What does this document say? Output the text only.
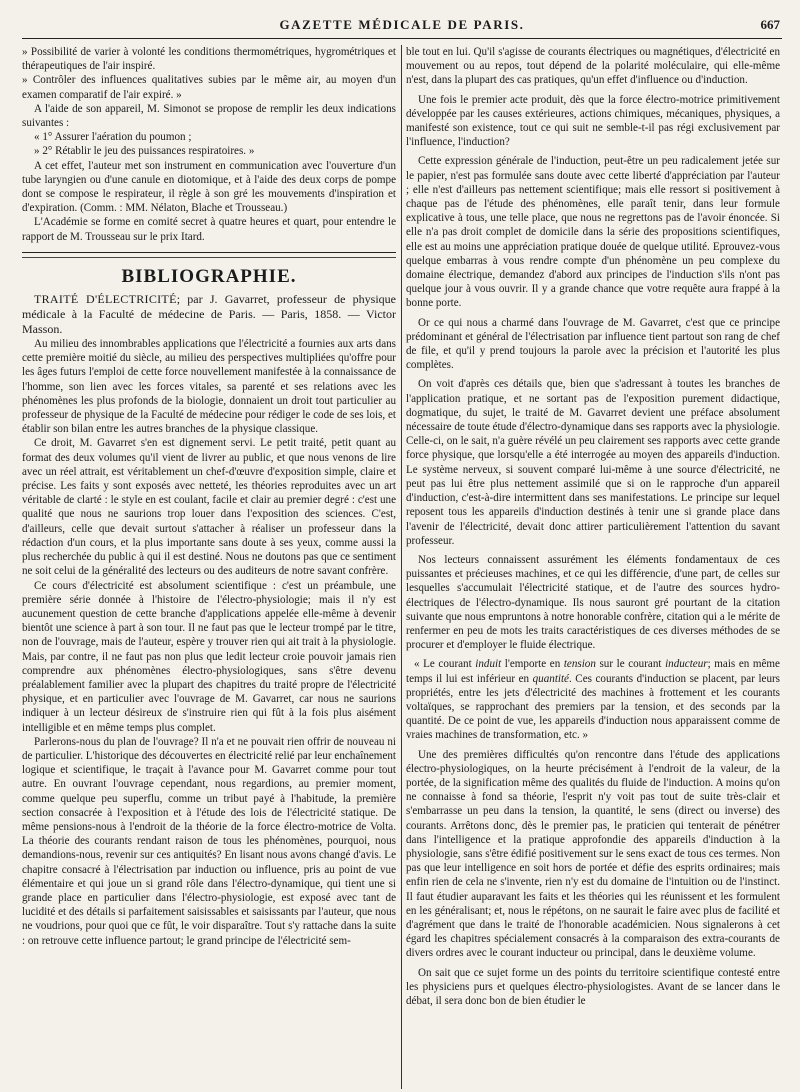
GAZETTE MÉDICALE DE PARIS.	667

» Possibilité de varier à volonté les conditions thermométriques, hygrométriques et thérapeutiques de l'air inspiré.

» Contrôler des influences qualitatives subies par le même air, au moyen d'un examen comparatif de l'air expiré. »

A l'aide de son appareil, M. Simonot se propose de remplir les deux indications suivantes :

« 1° Assurer l'aération du poumon ;

» 2° Rétablir le jeu des puissances respiratoires. »

A cet effet, l'auteur met son instrument en communication avec l'ouverture d'un tube laryngien ou d'une canule en diotomique, et à l'aide des deux corps de pompe dont se compose le respirateur, il règle à son gré les mouvements d'inspiration et d'expiration. (Comm. : MM. Nélaton, Blache et Trousseau.)

L'Académie se forme en comité secret à quatre heures et quart, pour entendre le rapport de M. Trousseau sur le prix Itard.

BIBLIOGRAPHIE.

TRAITÉ D'ÉLECTRICITÉ; par J. Gavarret, professeur de physique médicale à la Faculté de médecine de Paris. — Paris, 1858. — Victor Masson.

Au milieu des innombrables applications que l'électricité a fournies aux arts dans cette première moitié du siècle, au milieu des perspectives multipliées qu'offre pour les âges futurs l'emploi de cette force nouvellement manifestée à la connaissance de l'homme, son lien avec les forces vitales, sa parenté et ses relations avec les phénomènes les plus profonds de la biologie, donnaient un droit tout particulier au professeur de physique de la Faculté de médecine pour rédiger le code de ses lois, et établir son bilan entre les autres branches de la physique classique.

Ce droit, M. Gavarret s'en est dignement servi. Le petit traité, petit quant au format des deux volumes qu'il vient de livrer au public, et que nous venons de lire avec un réel attrait, est véritablement un chef-d'œuvre d'exposition simple, claire et précise. Les faits y sont exposés avec netteté, les théories reproduites avec un art véritable de clarté : le style en est coulant, facile et clair au premier degré : c'est une qualité que nous ne saurions trop louer dans l'exposition des sciences. C'est, d'ailleurs, celle que devait surtout s'attacher à réaliser un professeur dans la rédaction d'un cours, et la plus importante sans doute à ses yeux, comme aussi la plus recherchée du public à qui il est destiné. Nous ne doutons pas que ce sentiment ne soit celui de la généralité des lecteurs ou des auditeurs de notre savant confrère.

Ce cours d'électricité est absolument scientifique : c'est un préambule, une première série donnée à l'histoire de l'électro-physiologie; mais il n'y est aucunement question de cette branche d'applications appelée elle-même à devenir bientôt une science à part à son tour. Il ne faut pas que le lecteur trompé par le titre, non de l'ouvrage, mais de l'auteur, espère y trouver rien qui ait trait à la physiologie. Mais, par contre, il ne faut pas non plus que ledit lecteur croie pouvoir jamais rien comprendre aux phénomènes électro-physiologiques, sans s'être devenu préalablement familier avec la plupart des chapitres du traité propre de l'électricité physique, et en particulier avec l'ouvrage de M. Gavarret, car nous ne saurions indiquer à un lecteur désireux de s'instruire rien qui fût à la fois plus aisément intelligible et en même temps plus complet.

Parlerons-nous du plan de l'ouvrage? Il n'a et ne pouvait rien offrir de nouveau ni de particulier. L'historique des découvertes en électricité relié par leur enchaînement logique et scientifique, le traçait à l'avance pour M. Gavarret comme pour tout autre. En ouvrant l'ouvrage cependant, nous regardions, au premier moment, comme quelque peu superflu, comme un tribut payé à l'habitude, la première section consacrée à l'exposition et à l'étude des lois de l'électricité statique. De même pensions-nous à l'endroit de la théorie de la force électro-motrice de Volta. La théorie des courants rendant raison de tous les phénomènes, pourquoi, nous demandions-nous, revenir sur ces antiquités? En lisant nous avons changé d'avis. Le chapitre consacré à l'électrisation par induction ou influence, pris au point de vue élémentaire et qui joue un si grand rôle dans l'électro-dynamique, qui tient une si grande place en particulier dans l'électro-physiologie, est exposé avec tant de lucidité et des détails si parfaitement saisissables et saisissants par l'auteur, que nous ne voudrions, pour quoi que ce fût, le voir disparaître. Tout s'y rattache dans la suite : on retrouve cette influence partout; le grand principe de l'électricité sem-

ble tout en lui. Qu'il s'agisse de courants électriques ou magnétiques, d'électricité en mouvement ou au repos, tout dépend de la polarité moléculaire, qui elle-même n'est, dans la plupart des cas pratiques, qu'un effet d'influence ou d'induction.

Une fois le premier acte produit, dès que la force électro-motrice primitivement développée par les causes extérieures, actions chimiques, mécaniques, physiques, a manifesté son existence, tout ce qui suit ne semble-t-il pas régi exclusivement par l'influence, l'induction?

Cette expression générale de l'induction, peut-être un peu radicalement jetée sur le papier, n'est pas formulée sans doute avec cette liberté d'appréciation par l'auteur ; elle n'est d'ailleurs pas nettement scientifique; mais elle ressort si positivement à chaque pas de l'étude des phénomènes, elle paraît tenir, dans leur formule explicative à tous, une telle place, que nous ne regrettons pas de l'avoir énoncée. Si elle n'a pas droit complet de domicile dans la série des propositions scientifiques, elle est au moins une appréciation pratique douée de quelque utilité. Eprouvez-vous quelque embarras à vous rendre compte d'un phénomène un peu complexe du domaine électrique, demandez d'abord aux principes de l'induction s'ils n'ont pas quelque jour à vous ouvrir. Il y a grande chance que votre requête aura frappé à la bonne porte.

Or ce qui nous a charmé dans l'ouvrage de M. Gavarret, c'est que ce principe prédominant et général de l'électrisation par influence tient partout son rang de chef de file, et qu'il y prend toujours la parole avec la précision et l'autorité les plus complètes.

On voit d'après ces détails que, bien que s'adressant à toutes les branches de l'application pratique, et ne sortant pas de l'exposition purement didactique, dogmatique, du sujet, le traité de M. Gavarret devient une préface absolument nécessaire de toute étude d'électro-dynamique dans ses rapports avec la physiologie. Celle-ci, on le sait, n'a guère révélé un peu clairement ses rapports avec cette grande force physique, que lorsqu'elle a été interrogée au moyen des appareils d'induction. Le système nerveux, si souvent comparé lui-même à une source d'électricité, ne peut pas lui être plus nettement assimilé que si on le rapproche d'un appareil d'induction, c'est-à-dire intermittent dans ses manifestations. Le principe sur lequel reposent tous les appareils d'induction destinés à tenir une si grande place dans l'avenir de l'électricité, devait donc attirer particulièrement l'attention du savant professeur.

Nos lecteurs connaissent assurément les éléments fondamentaux de ces puissantes et précieuses machines, et ce qui les différencie, d'une part, de celles sur lesquelles s'accumulait l'électricité statique, et de l'autre des sources hydro-électriques de l'électro-dynamique. Ils nous sauront gré pourtant de la citation suivante que nous empruntons à notre honorable confrère, citation qui a le mérite de renfermer en peu de mots les traits caractéristiques de ces diverses méthodes de se procurer et d'employer le fluide électrique.

« Le courant induit l'emporte en tension sur le courant inducteur; mais en même temps il lui est inférieur en quantité. Ces courants d'induction se placent, par leurs propriétés, entre les jets d'électricité des machines à frottement et les courants voltaïques, se rapprochant des premiers par la tension, et des seconds par la quantité. De ce point de vue, les appareils d'induction nous apparaissent comme de vraies machines de transformation, etc. »

Une des premières difficultés qu'on rencontre dans l'étude des applications électro-physiologiques, on la heurte précisément à l'endroit de la valeur, de la portée, de la signification même des qualités du fluide de l'induction. A moins qu'on ne connaisse à fond sa théorie, l'esprit n'y voit pas tout de suite très-clair et s'embarrasse un peu dans la tension, la quantité, le sens (direct ou inverse) des courants. Arrêtons donc, dès le premier pas, le praticien qui tenterait de pénétrer dans l'intelligence et la pratique approfondie des appareils d'induction à la physiologie, sans s'être édifié positivement sur le sens exact de tous ces termes. Non pas que leur intelligence en soit hors de portée et défie des esprits ordinaires; mais enfin rien de cela ne s'invente, rien n'y est du domaine de l'intuition ou de l'instinct. Il faut étudier auparavant les faits et les théories qui les réunissent et les formulent en les généralisant; et, nous le répétons, on ne saurait le faire avec plus de facilité et d'agrément que dans le traité de l'honorable académicien. Nous signalerons à cet égard les chapitres spécialement consacrés à la comparaison des extra-courants de divers ordres avec le courant inducteur ou principal, dans le deuxième volume.

On sait que ce sujet forme un des points du territoire scientifique contesté entre les physiciens purs et quelques électro-physiologistes. Avant de se lancer dans le débat, il sera donc bon de bien étudier le
